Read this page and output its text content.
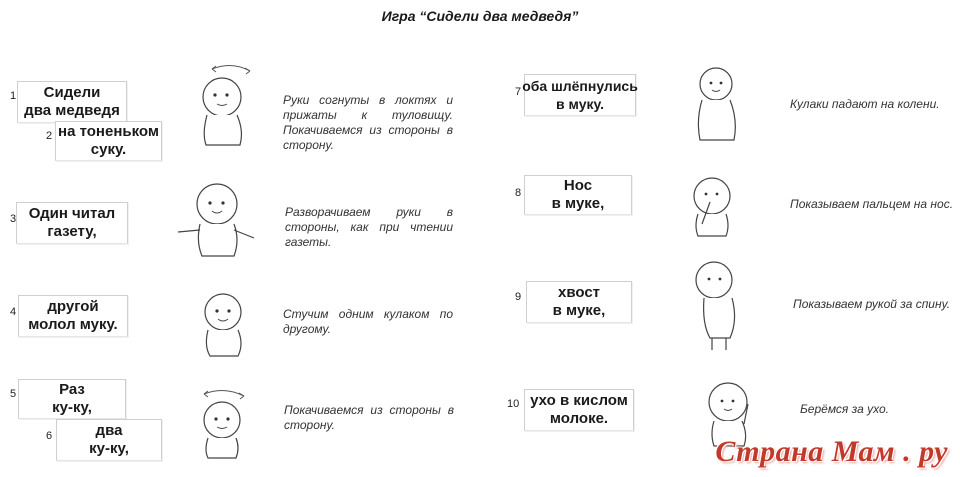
Игра “Сидели два медведя”
1 Сидели
два медведя
2 на тоненьком
суку.
3 Один читал
газету,
4 другой
молол муку.
5	Раз
ку-ку,
6	два
ку-ку,
Руки согнуты в локтях и прижаты к туловищу. Покачиваемся из стороны в сторону.
Разворачиваем руки в стороны, как при чтении газеты.
Стучим одним кулаком по другому.
Покачиваемся из стороны в сторону.
7 оба шлёпнулись
в муку.
8	Нос
в муке,
9 хвост
в муке,
10 ухо в кислом
молоке.
Кулаки падают на колени.
Показываем пальцем на нос.
Показываем рукой за спину.
Берёмся за ухо.
Страна Мам . ру
